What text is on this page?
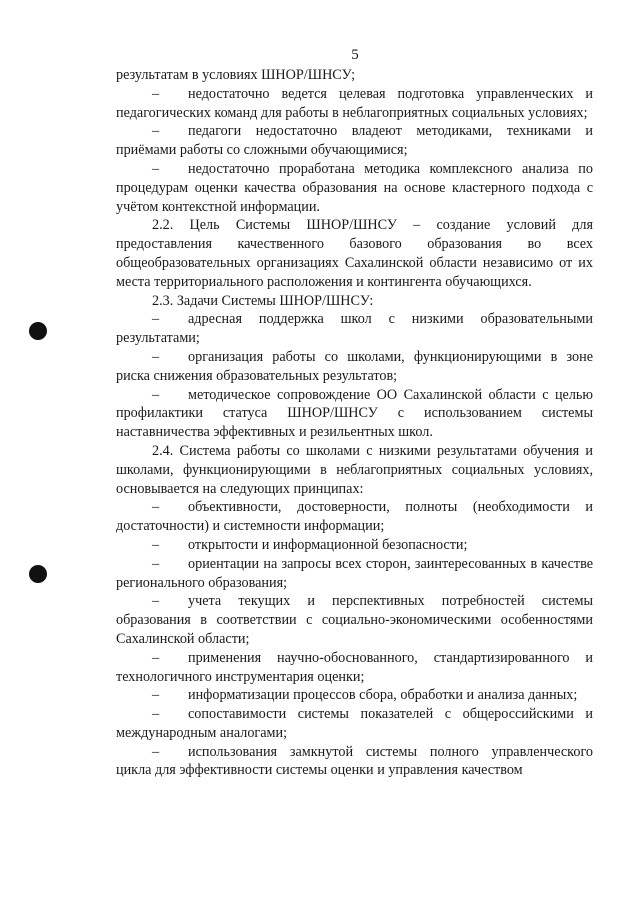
5

результатам в условиях ШНОР/ШНСУ;

– недостаточно ведется целевая подготовка управленческих и педагогических команд для работы в неблагоприятных социальных условиях;

– педагоги недостаточно владеют методиками, техниками и приёмами работы со сложными обучающимися;

– недостаточно проработана методика комплексного анализа по процедурам оценки качества образования на основе кластерного подхода с учётом контекстной информации.

2.2. Цель Системы ШНОР/ШНСУ – создание условий для предоставления качественного базового образования во всех общеобразовательных организациях Сахалинской области независимо от их места территориального расположения и контингента обучающихся.

2.3. Задачи Системы ШНОР/ШНСУ:

– адресная поддержка школ с низкими образовательными результатами;

– организация работы со школами, функционирующими в зоне риска снижения образовательных результатов;

– методическое сопровождение ОО Сахалинской области с целью профилактики статуса ШНОР/ШНСУ с использованием системы наставничества эффективных и резильентных школ.

2.4. Система работы со школами с низкими результатами обучения и школами, функционирующими в неблагоприятных социальных условиях, основывается на следующих принципах:

– объективности, достоверности, полноты (необходимости и достаточности) и системности информации;

– открытости и информационной безопасности;

– ориентации на запросы всех сторон, заинтересованных в качестве регионального образования;

– учета текущих и перспективных потребностей системы образования в соответствии с социально-экономическими особенностями Сахалинской области;

– применения научно-обоснованного, стандартизированного и технологичного инструментария оценки;

– информатизации процессов сбора, обработки и анализа данных;

– сопоставимости системы показателей с общероссийскими и международным аналогами;

– использования замкнутой системы полного управленческого цикла для эффективности системы оценки и управления качеством
